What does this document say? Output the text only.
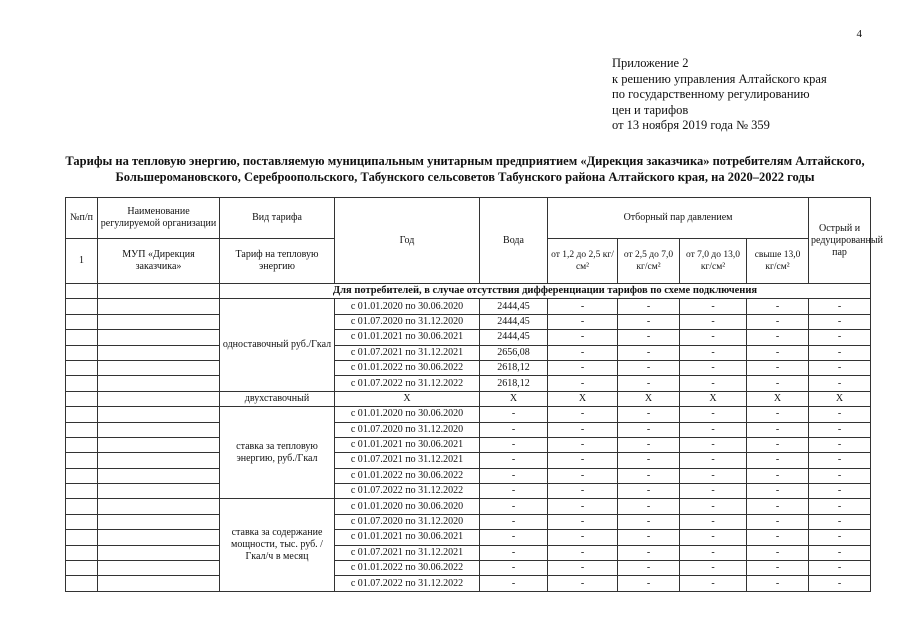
4
Приложение 2
к решению управления Алтайского края
по государственному регулированию
цен и тарифов
от 13 ноября 2019 года № 359
Тарифы на тепловую энергию, поставляемую муниципальным унитарным предприятием «Дирекция заказчика» потребителям Алтайского, Большеромановского, Сереброопольского, Табунского сельсоветов Табунского района Алтайского края, на 2020–2022 годы
№п/п	Наименование регулируемой организации	Вид тарифа	Год	Вода	Отборный пар давлением				Острый и редуцированный пар
1	МУП «Дирекция заказчика»	Тариф на тепловую энергию			от 1,2 до 2,5 кг/см²	от 2,5 до 7,0 кг/см²	от 7,0 до 13,0 кг/см²	свыше 13,0 кг/см²	
		Для потребителей, в случае отсутствия дифференциации тарифов по схеме подключения							
		одноставочный руб./Гкал	с 01.01.2020 по 30.06.2020	2444,45	-	-	-	-	-
			с 01.07.2020 по 31.12.2020	2444,45	-	-	-	-	-
			с 01.01.2021 по 30.06.2021	2444,45	-	-	-	-	-
			с 01.07.2021 по 31.12.2021	2656,08	-	-	-	-	-
			с 01.01.2022 по 30.06.2022	2618,12	-	-	-	-	-
			с 01.07.2022 по 31.12.2022	2618,12	-	-	-	-	-
		двухставочный	Х	Х	Х	Х	Х	Х	Х
		ставка за тепловую энергию, руб./Гкал	с 01.01.2020 по 30.06.2020	-	-	-	-	-	-
			с 01.07.2020 по 31.12.2020	-	-	-	-	-	-
			с 01.01.2021 по 30.06.2021	-	-	-	-	-	-
			с 01.07.2021 по 31.12.2021	-	-	-	-	-	-
			с 01.01.2022 по 30.06.2022	-	-	-	-	-	-
			с 01.07.2022 по 31.12.2022	-	-	-	-	-	-
		ставка за содержание мощности, тыс. руб. /Гкал/ч в месяц	с 01.01.2020 по 30.06.2020	-	-	-	-	-	-
			с 01.07.2020 по 31.12.2020	-	-	-	-	-	-
			с 01.01.2021 по 30.06.2021	-	-	-	-	-	-
			с 01.07.2021 по 31.12.2021	-	-	-	-	-	-
			с 01.01.2022 по 30.06.2022	-	-	-	-	-	-
			с 01.07.2022 по 31.12.2022	-	-	-	-	-	-
